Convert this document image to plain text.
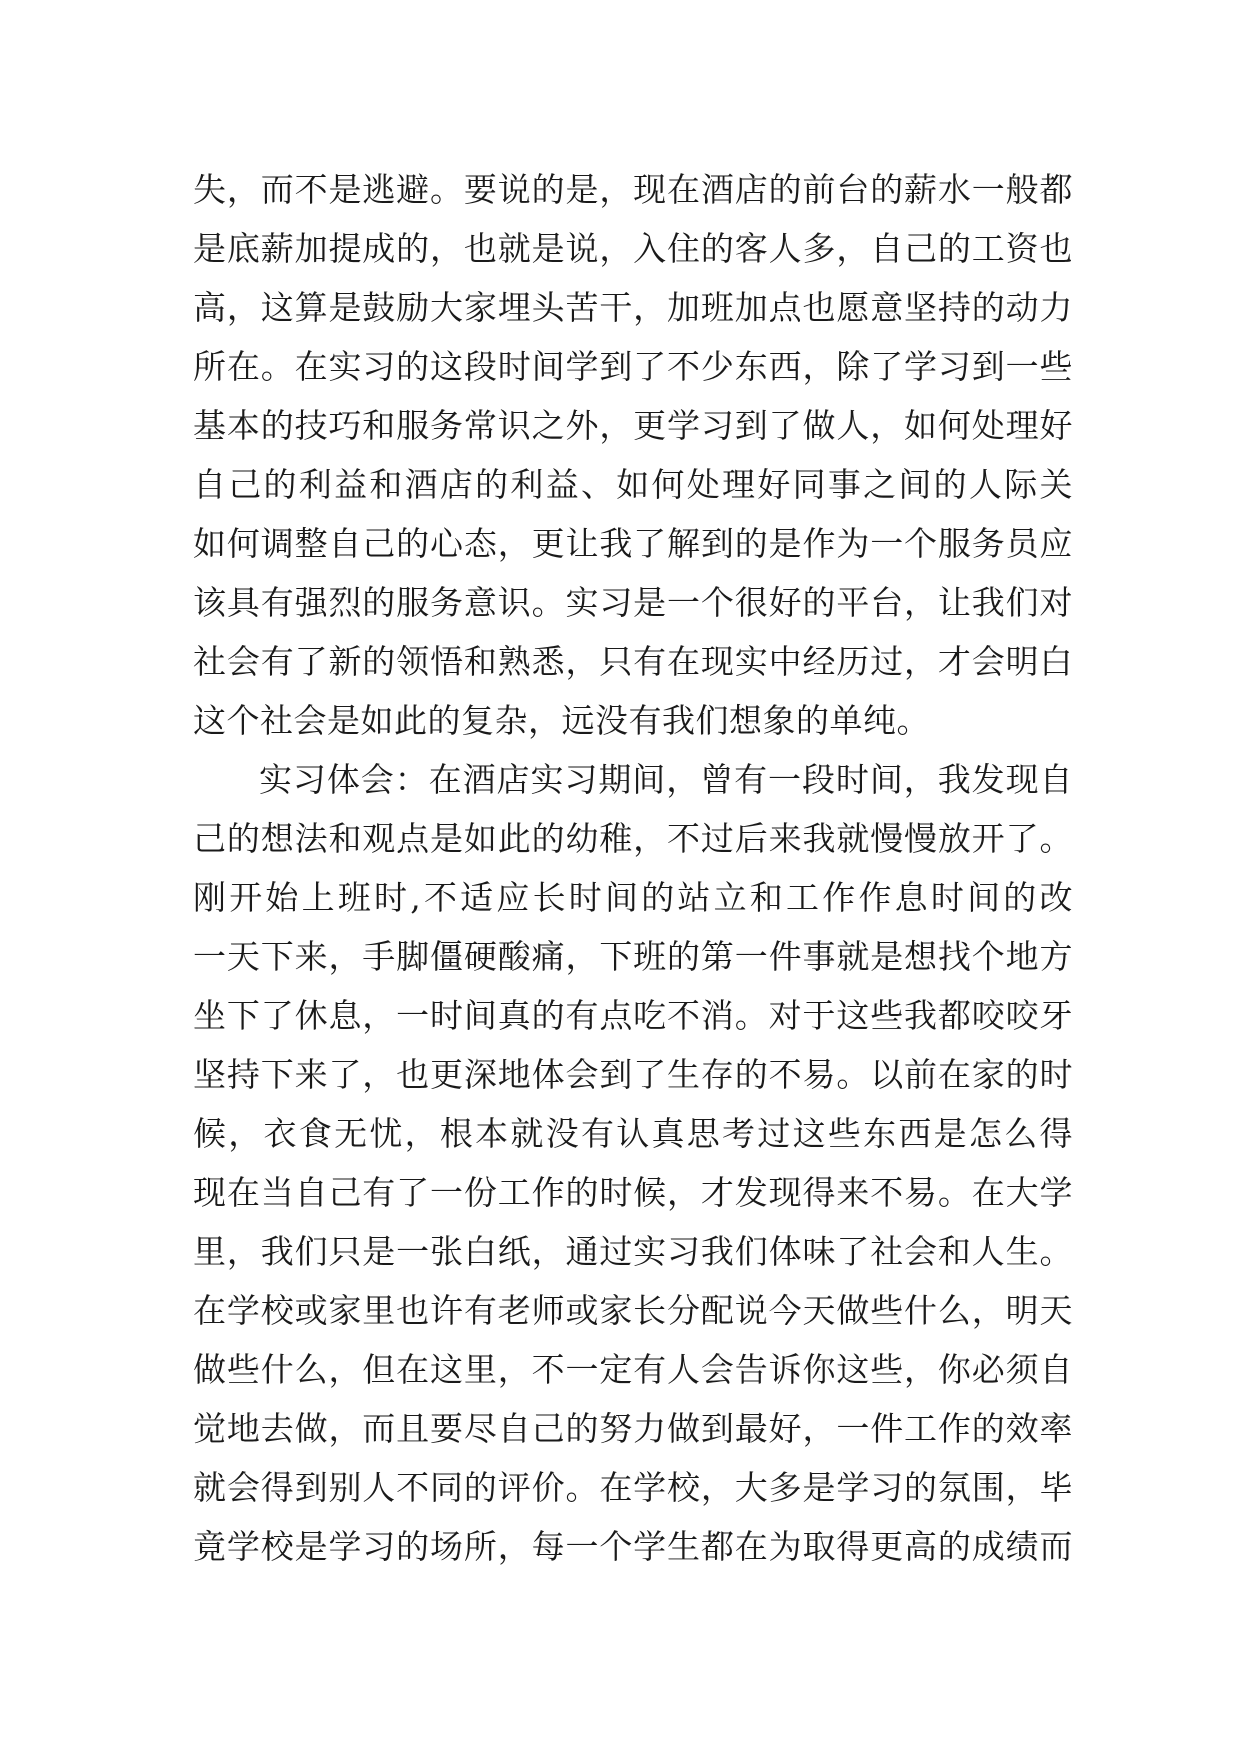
失，而不是逃避。要说的是，现在酒店的前台的薪水一般都
是底薪加提成的，也就是说，入住的客人多，自己的工资也
高，这算是鼓励大家埋头苦干，加班加点也愿意坚持的动力
所在。在实习的这段时间学到了不少东西，除了学习到一些
基本的技巧和服务常识之外，更学习到了做人，如何处理好
自己的利益和酒店的利益、如何处理好同事之间的人际关
如何调整自己的心态，更让我了解到的是作为一个服务员应
该具有强烈的服务意识。实习是一个很好的平台，让我们对
社会有了新的领悟和熟悉，只有在现实中经历过，才会明白
这个社会是如此的复杂，远没有我们想象的单纯。
实习体会：在酒店实习期间，曾有一段时间，我发现自
己的想法和观点是如此的幼稚，不过后来我就慢慢放开了。
刚开始上班时,不适应长时间的站立和工作作息时间的改
一天下来，手脚僵硬酸痛，下班的第一件事就是想找个地方
坐下了休息，一时间真的有点吃不消。对于这些我都咬咬牙
坚持下来了，也更深地体会到了生存的不易。以前在家的时
候，衣食无忧，根本就没有认真思考过这些东西是怎么得
现在当自己有了一份工作的时候，才发现得来不易。在大学
里，我们只是一张白纸，通过实习我们体味了社会和人生。
在学校或家里也许有老师或家长分配说今天做些什么，明天
做些什么，但在这里，不一定有人会告诉你这些，你必须自
觉地去做，而且要尽自己的努力做到最好，一件工作的效率
就会得到别人不同的评价。在学校，大多是学习的氛围，毕
竟学校是学习的场所，每一个学生都在为取得更高的成绩而
